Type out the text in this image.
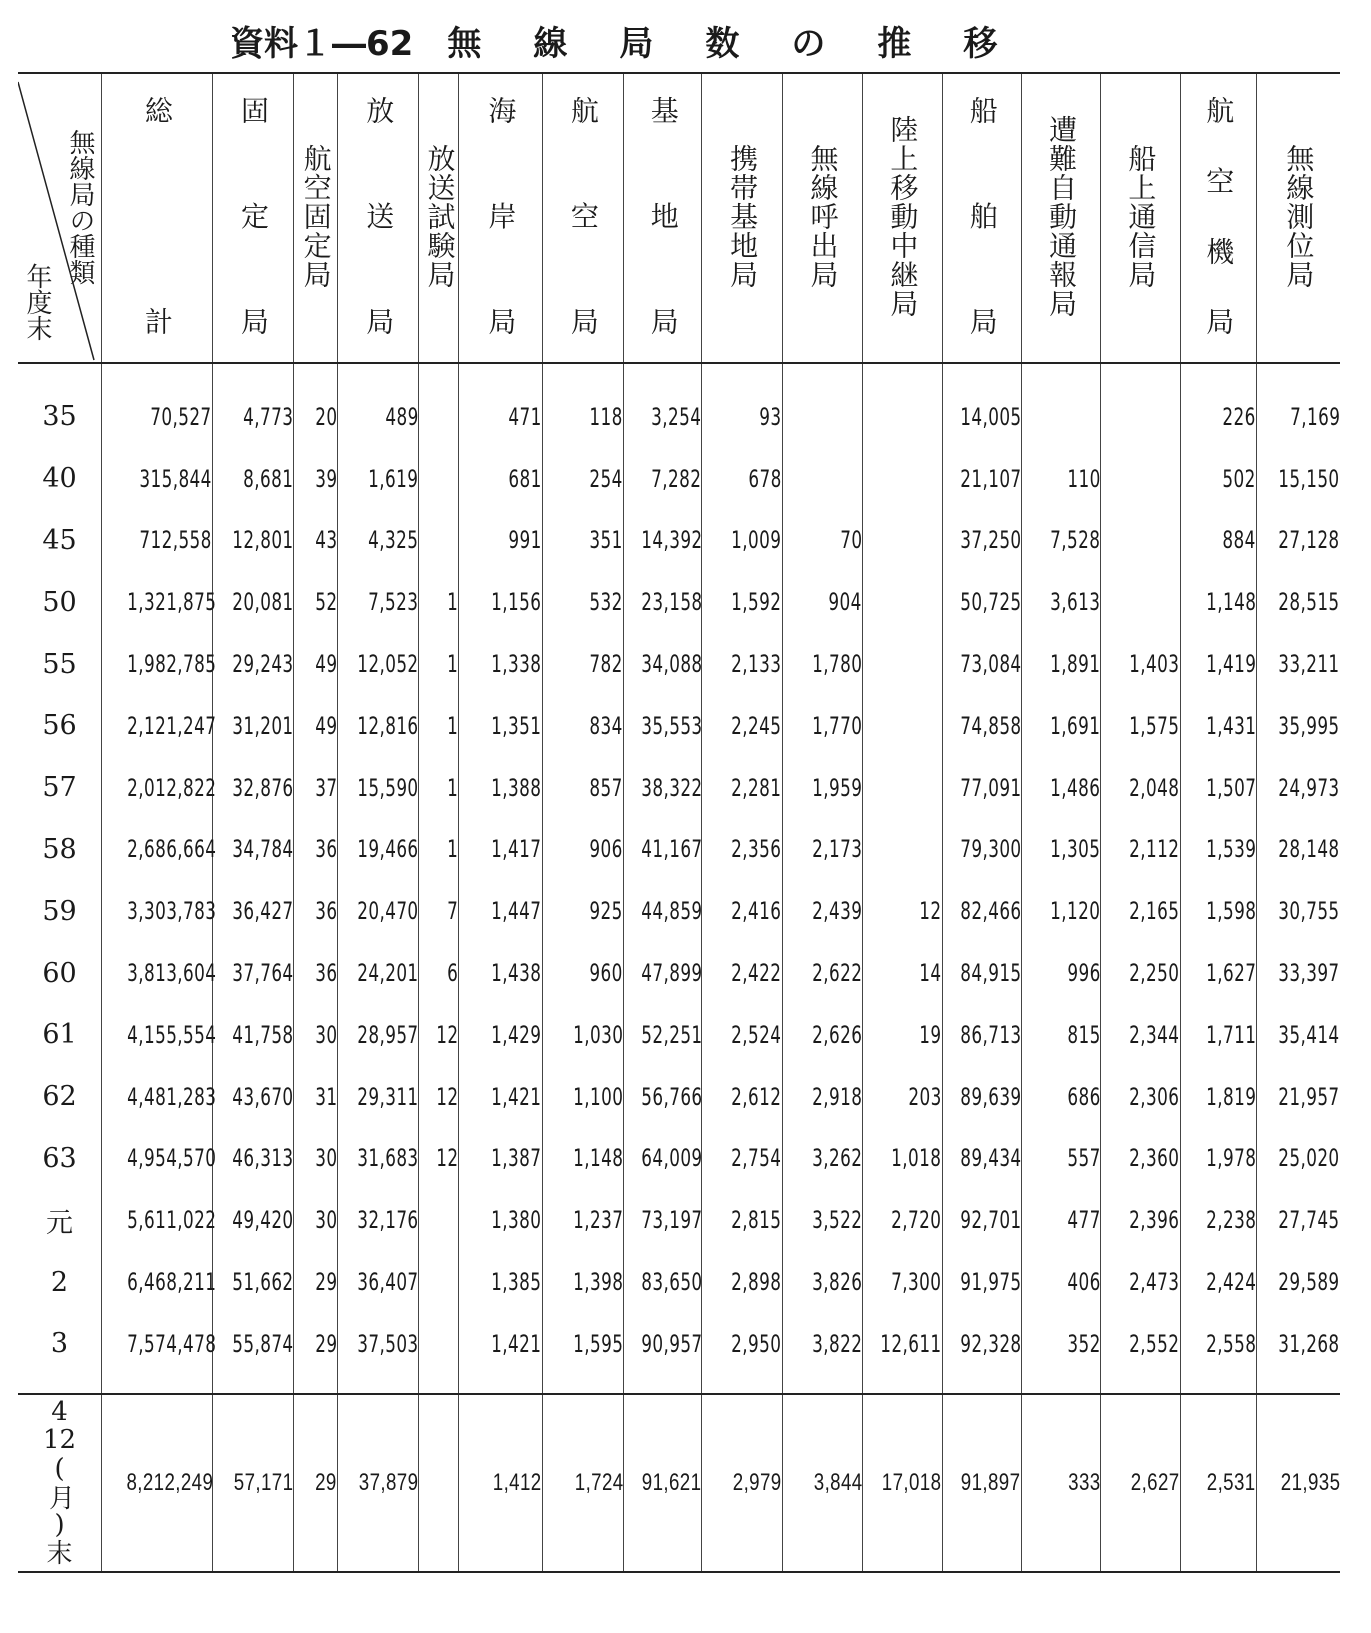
資料１―62 無 線 局 数 の 推 移
無線局の種類
年度末	総計	固定局	航空固定局	放送局	放送試験局	海岸局	航空局	基地局	携帯基地局	無線呼出局	陸上移動中継局	船舶局	遭難自動通報局	船上通信局	航空機局	無線測位局

35	70,527	4,773	20	489		471	118	3,254	93			14,005			226	7,169
40	315,844	8,681	39	1,619		681	254	7,282	678			21,107	110		502	15,150
45	712,558	12,801	43	4,325		991	351	14,392	1,009	70		37,250	7,528		884	27,128
50	1,321,875	20,081	52	7,523	1	1,156	532	23,158	1,592	904		50,725	3,613		1,148	28,515
55	1,982,785	29,243	49	12,052	1	1,338	782	34,088	2,133	1,780		73,084	1,891	1,403	1,419	33,211
56	2,121,247	31,201	49	12,816	1	1,351	834	35,553	2,245	1,770		74,858	1,691	1,575	1,431	35,995
57	2,012,822	32,876	37	15,590	1	1,388	857	38,322	2,281	1,959		77,091	1,486	2,048	1,507	24,973
58	2,686,664	34,784	36	19,466	1	1,417	906	41,167	2,356	2,173		79,300	1,305	2,112	1,539	28,148
59	3,303,783	36,427	36	20,470	7	1,447	925	44,859	2,416	2,439	12	82,466	1,120	2,165	1,598	30,755
60	3,813,604	37,764	36	24,201	6	1,438	960	47,899	2,422	2,622	14	84,915	996	2,250	1,627	33,397
61	4,155,554	41,758	30	28,957	12	1,429	1,030	52,251	2,524	2,626	19	86,713	815	2,344	1,711	35,414
62	4,481,283	43,670	31	29,311	12	1,421	1,100	56,766	2,612	2,918	203	89,639	686	2,306	1,819	21,957
63	4,954,570	46,313	30	31,683	12	1,387	1,148	64,009	2,754	3,262	1,018	89,434	557	2,360	1,978	25,020
元	5,611,022	49,420	30	32,176		1,380	1,237	73,197	2,815	3,522	2,720	92,701	477	2,396	2,238	27,745
2	6,468,211	51,662	29	36,407		1,385	1,398	83,650	2,898	3,826	7,300	91,975	406	2,473	2,424	29,589
3	7,574,478	55,874	29	37,503		1,421	1,595	90,957	2,950	3,822	12,611	92,328	352	2,552	2,558	31,268

4
12
(月)
末	8,212,249	57,171	29	37,879		1,412	1,724	91,621	2,979	3,844	17,018	91,897	333	2,627	2,531	21,935
